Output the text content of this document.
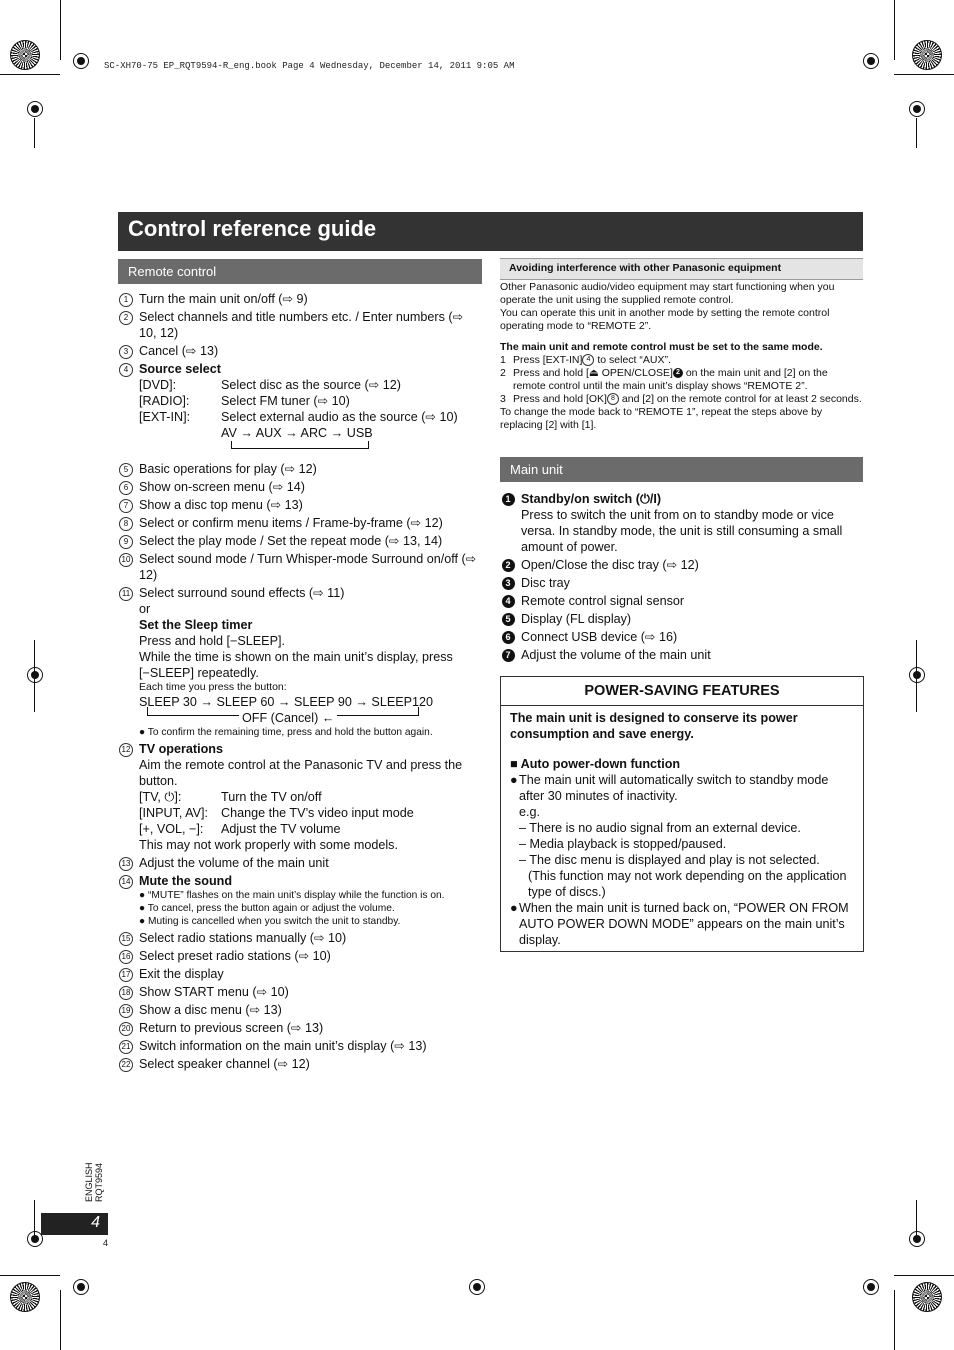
SC-XH70-75 EP_RQT9594-R_eng.book Page 4 Wednesday, December 14, 2011 9:05 AM
Control reference guide
Remote control
1 Turn the main unit on/off (⇨ 9)
2 Select channels and title numbers etc. / Enter numbers (⇨ 10, 12)
3 Cancel (⇨ 13)
4 Source select
[DVD]:	Select disc as the source (⇨ 12)
[RADIO]:	Select FM tuner (⇨ 10)
[EXT-IN]:	Select external audio as the source (⇨ 10)
AV → AUX → ARC → USB
5 Basic operations for play (⇨ 12)
6 Show on-screen menu (⇨ 14)
7 Show a disc top menu (⇨ 13)
8 Select or confirm menu items / Frame-by-frame (⇨ 12)
9 Select the play mode / Set the repeat mode (⇨ 13, 14)
10 Select sound mode / Turn Whisper-mode Surround on/off (⇨ 12)
11 Select surround sound effects (⇨ 11)
or
Set the Sleep timer
Press and hold [−SLEEP].
While the time is shown on the main unit’s display, press [−SLEEP] repeatedly.
Each time you press the button:
SLEEP 30 → SLEEP 60 → SLEEP 90 → SLEEP120
OFF (Cancel) ←
● To confirm the remaining time, press and hold the button again.
12 TV operations
Aim the remote control at the Panasonic TV and press the button.
[TV, ⏻]:	Turn the TV on/off
[INPUT, AV]:	Change the TV’s video input mode
[+, VOL, −]:	Adjust the TV volume
This may not work properly with some models.
13 Adjust the volume of the main unit
14 Mute the sound
● “MUTE” flashes on the main unit’s display while the function is on.
● To cancel, press the button again or adjust the volume.
● Muting is cancelled when you switch the unit to standby.
15 Select radio stations manually (⇨ 10)
16 Select preset radio stations (⇨ 10)
17 Exit the display
18 Show START menu (⇨ 10)
19 Show a disc menu (⇨ 13)
20 Return to previous screen (⇨ 13)
21 Switch information on the main unit’s display (⇨ 13)
22 Select speaker channel (⇨ 12)
Avoiding interference with other Panasonic equipment
Other Panasonic audio/video equipment may start functioning when you operate the unit using the supplied remote control.
You can operate this unit in another mode by setting the remote control operating mode to “REMOTE 2”.
The main unit and remote control must be set to the same mode.
1 Press [EXT-IN] 4 to select “AUX”.
2 Press and hold [⏏ OPEN/CLOSE] 2 on the main unit and [2] on the remote control until the main unit’s display shows “REMOTE 2”.
3 Press and hold [OK] 8 and [2] on the remote control for at least 2 seconds.
To change the mode back to “REMOTE 1”, repeat the steps above by replacing [2] with [1].
Main unit
1 Standby/on switch (⏻/I)
Press to switch the unit from on to standby mode or vice versa. In standby mode, the unit is still consuming a small amount of power.
2 Open/Close the disc tray (⇨ 12)
3 Disc tray
4 Remote control signal sensor
5 Display (FL display)
6 Connect USB device (⇨ 16)
7 Adjust the volume of the main unit
POWER-SAVING FEATURES
The main unit is designed to conserve its power consumption and save energy.
■ Auto power-down function
● The main unit will automatically switch to standby mode after 30 minutes of inactivity.
e.g.
– There is no audio signal from an external device.
– Media playback is stopped/paused.
– The disc menu is displayed and play is not selected.
(This function may not work depending on the application type of discs.)
● When the main unit is turned back on, “POWER ON FROM AUTO POWER DOWN MODE” appears on the main unit’s display.
ENGLISH RQT9594
4
4
